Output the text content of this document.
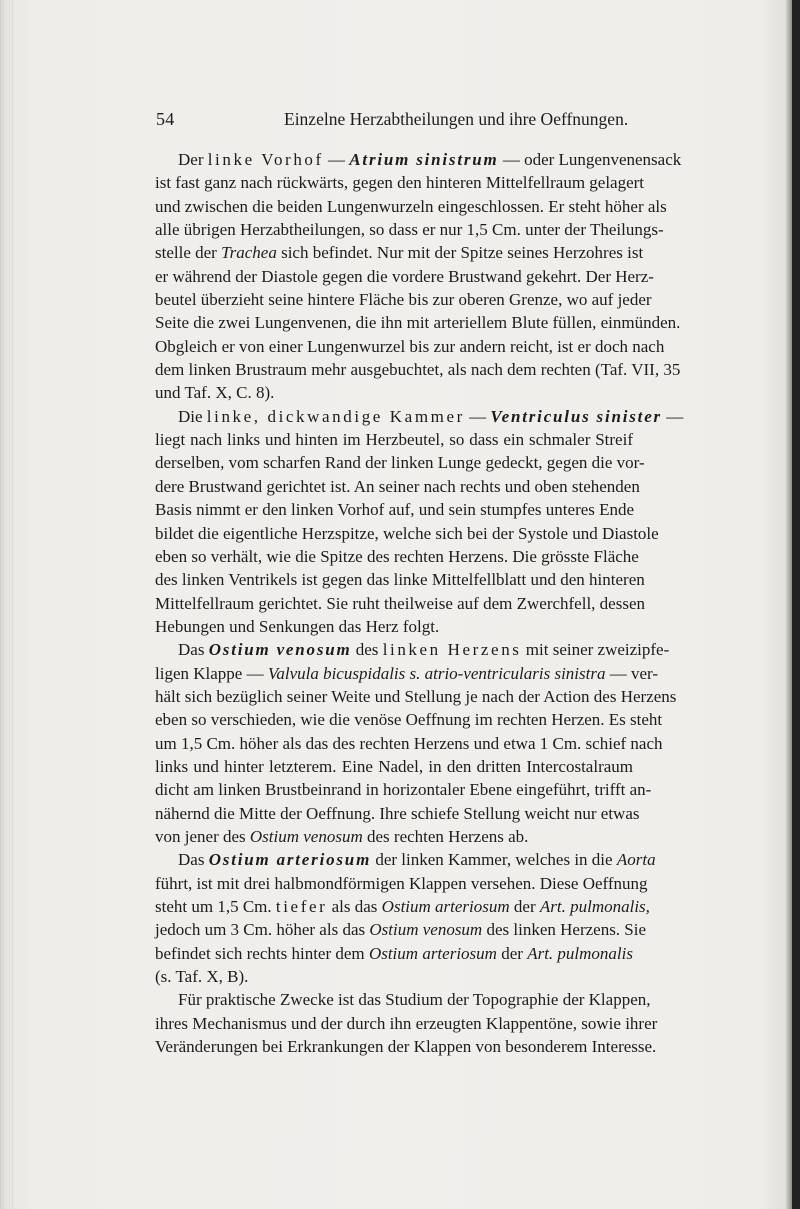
54	Einzelne Herzabtheilungen und ihre Oeffnungen.
Der linke Vorhof — Atrium sinistrum — oder Lungenvenensack
ist fast ganz nach rückwärts, gegen den hinteren Mittelfellraum gelagert
und zwischen die beiden Lungenwurzeln eingeschlossen. Er steht höher als
alle übrigen Herzabtheilungen, so dass er nur 1,5 Cm. unter der Theilungs-
stelle der Trachea sich befindet. Nur mit der Spitze seines Herzohres ist
er während der Diastole gegen die vordere Brustwand gekehrt. Der Herz-
beutel überzieht seine hintere Fläche bis zur oberen Grenze, wo auf jeder
Seite die zwei Lungenvenen, die ihn mit arteriellem Blute füllen, einmünden.
Obgleich er von einer Lungenwurzel bis zur andern reicht, ist er doch nach
dem linken Brustraum mehr ausgebuchtet, als nach dem rechten (Taf. VII, 35
und Taf. X, C. 8).
Die linke, dickwandige Kammer — Ventriculus sinister —
liegt nach links und hinten im Herzbeutel, so dass ein schmaler Streif
derselben, vom scharfen Rand der linken Lunge gedeckt, gegen die vor-
dere Brustwand gerichtet ist. An seiner nach rechts und oben stehenden
Basis nimmt er den linken Vorhof auf, und sein stumpfes unteres Ende
bildet die eigentliche Herzspitze, welche sich bei der Systole und Diastole
eben so verhält, wie die Spitze des rechten Herzens. Die grösste Fläche
des linken Ventrikels ist gegen das linke Mittelfellblatt und den hinteren
Mittelfellraum gerichtet. Sie ruht theilweise auf dem Zwerchfell, dessen
Hebungen und Senkungen das Herz folgt.
Das Ostium venosum des linken Herzens mit seiner zweizipfe-
ligen Klappe — Valvula bicuspidalis s. atrio-ventricularis sinistra — ver-
hält sich bezüglich seiner Weite und Stellung je nach der Action des Herzens
eben so verschieden, wie die venöse Oeffnung im rechten Herzen. Es steht
um 1,5 Cm. höher als das des rechten Herzens und etwa 1 Cm. schief nach
links und hinter letzterem. Eine Nadel, in den dritten Intercostalraum
dicht am linken Brustbeinrand in horizontaler Ebene eingeführt, trifft an-
nähernd die Mitte der Oeffnung. Ihre schiefe Stellung weicht nur etwas
von jener des Ostium venosum des rechten Herzens ab.
Das Ostium arteriosum der linken Kammer, welches in die Aorta
führt, ist mit drei halbmondförmigen Klappen versehen. Diese Oeffnung
steht um 1,5 Cm. tiefer als das Ostium arteriosum der Art. pulmonalis,
jedoch um 3 Cm. höher als das Ostium venosum des linken Herzens. Sie
befindet sich rechts hinter dem Ostium arteriosum der Art. pulmonalis
(s. Taf. X, B).
Für praktische Zwecke ist das Studium der Topographie der Klappen,
ihres Mechanismus und der durch ihn erzeugten Klappentöne, sowie ihrer
Veränderungen bei Erkrankungen der Klappen von besonderem Interesse.
